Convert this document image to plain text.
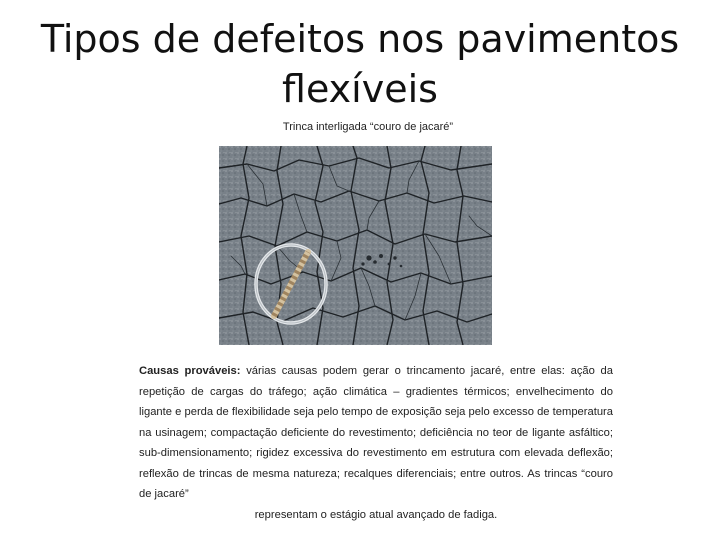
Tipos de defeitos nos pavimentos
flexíveis
Trinca interligada “couro de jacaré”

Causas prováveis: várias causas podem gerar o trincamento jacaré, entre elas: ação da repetição de cargas do tráfego; ação climática – gradientes térmicos; envelhecimento do ligante e perda de flexibilidade seja pelo tempo de exposição seja pelo excesso de temperatura na usinagem; compactação deficiente do revestimento; deficiência no teor de ligante asfáltico; sub-dimensionamento; rigidez excessiva do revestimento em estrutura com elevada deflexão; reflexão de trincas de mesma natureza; recalques diferenciais; entre outros. As trincas “couro de jacaré”
representam o estágio atual avançado de fadiga.
